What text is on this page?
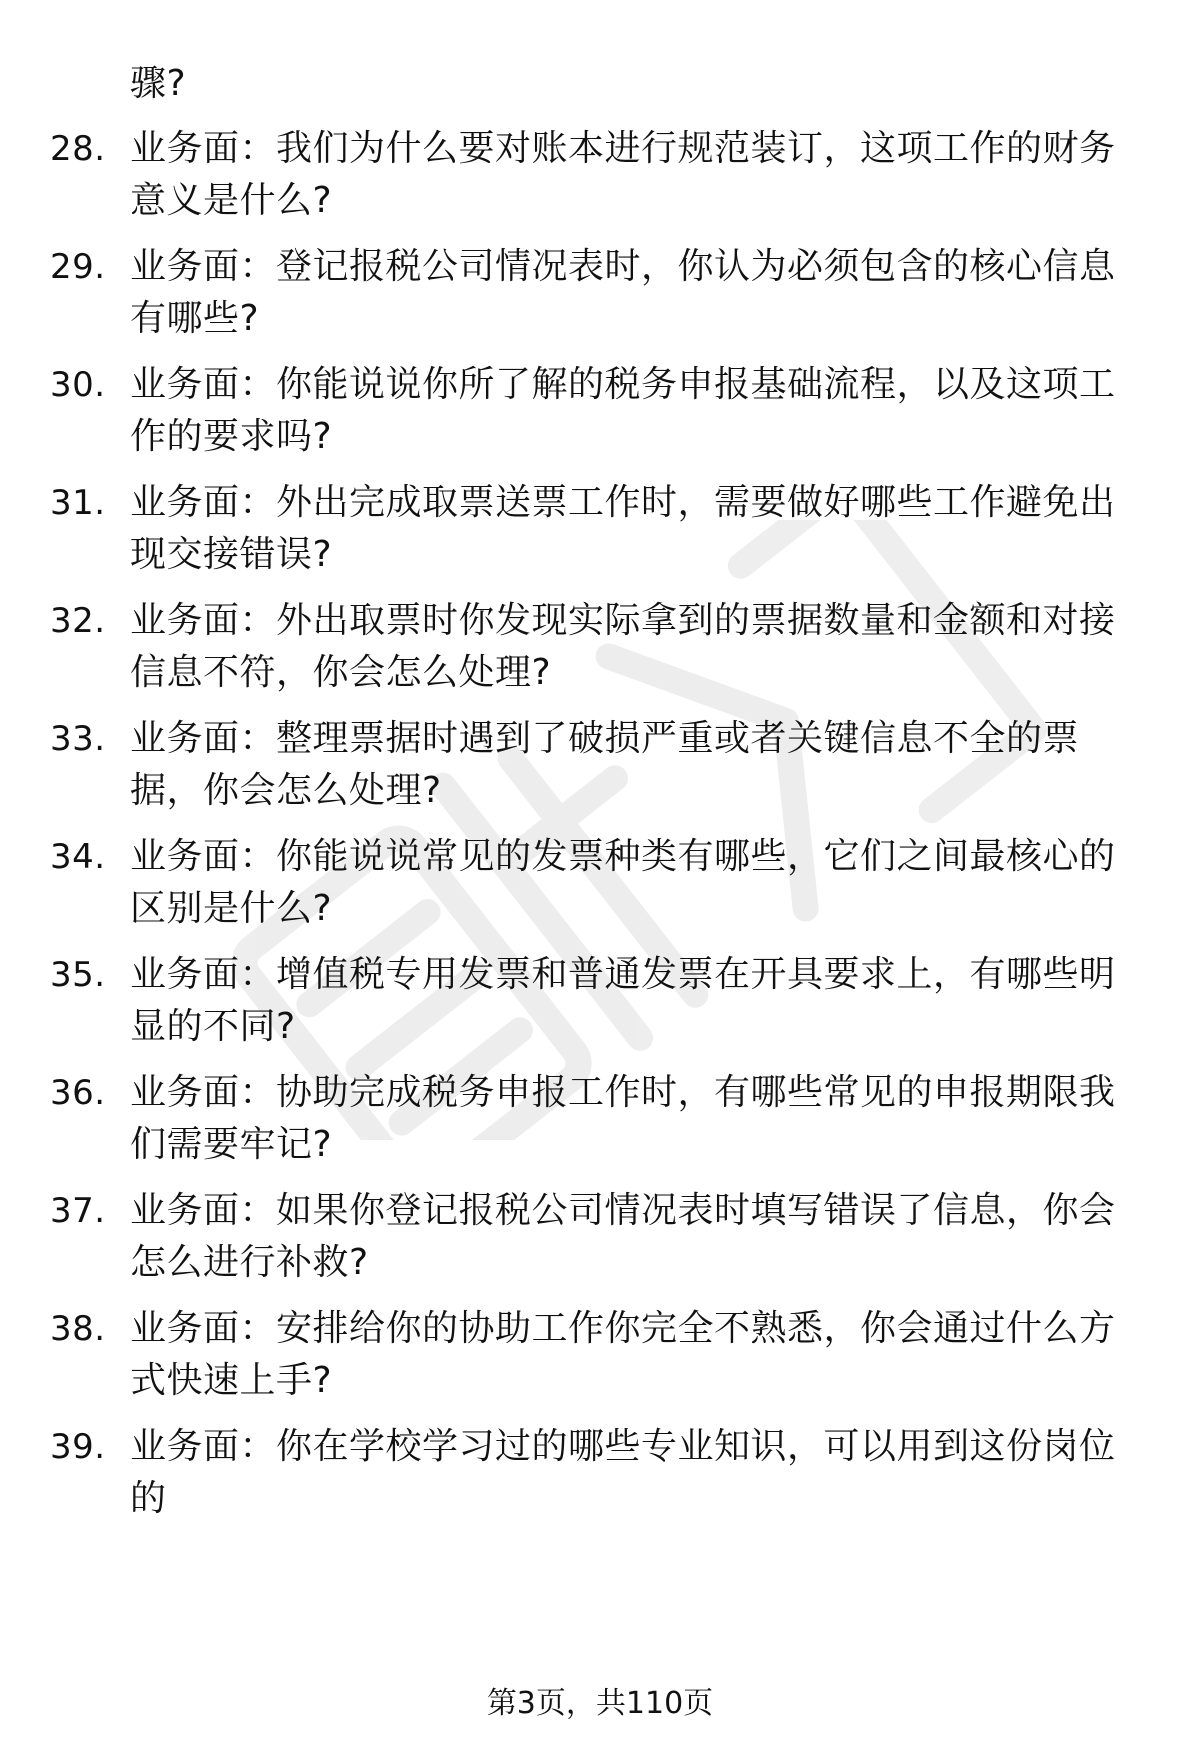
骤?

28. 业务面：我们为什么要对账本进行规范装订，这项工作的财务意义是什么?
29. 业务面：登记报税公司情况表时，你认为必须包含的核心信息有哪些?
30. 业务面：你能说说你所了解的税务申报基础流程，以及这项工作的要求吗?
31. 业务面：外出完成取票送票工作时，需要做好哪些工作避免出现交接错误?
32. 业务面：外出取票时你发现实际拿到的票据数量和金额和对接信息不符，你会怎么处理?
33. 业务面：整理票据时遇到了破损严重或者关键信息不全的票据，你会怎么处理?
34. 业务面：你能说说常见的发票种类有哪些，它们之间最核心的区别是什么?
35. 业务面：增值税专用发票和普通发票在开具要求上，有哪些明显的不同?
36. 业务面：协助完成税务申报工作时，有哪些常见的申报期限我们需要牢记?
37. 业务面：如果你登记报税公司情况表时填写错误了信息，你会怎么进行补救?
38. 业务面：安排给你的协助工作你完全不熟悉，你会通过什么方式快速上手?
39. 业务面：你在学校学习过的哪些专业知识，可以用到这份岗位的
第3页，共110页
